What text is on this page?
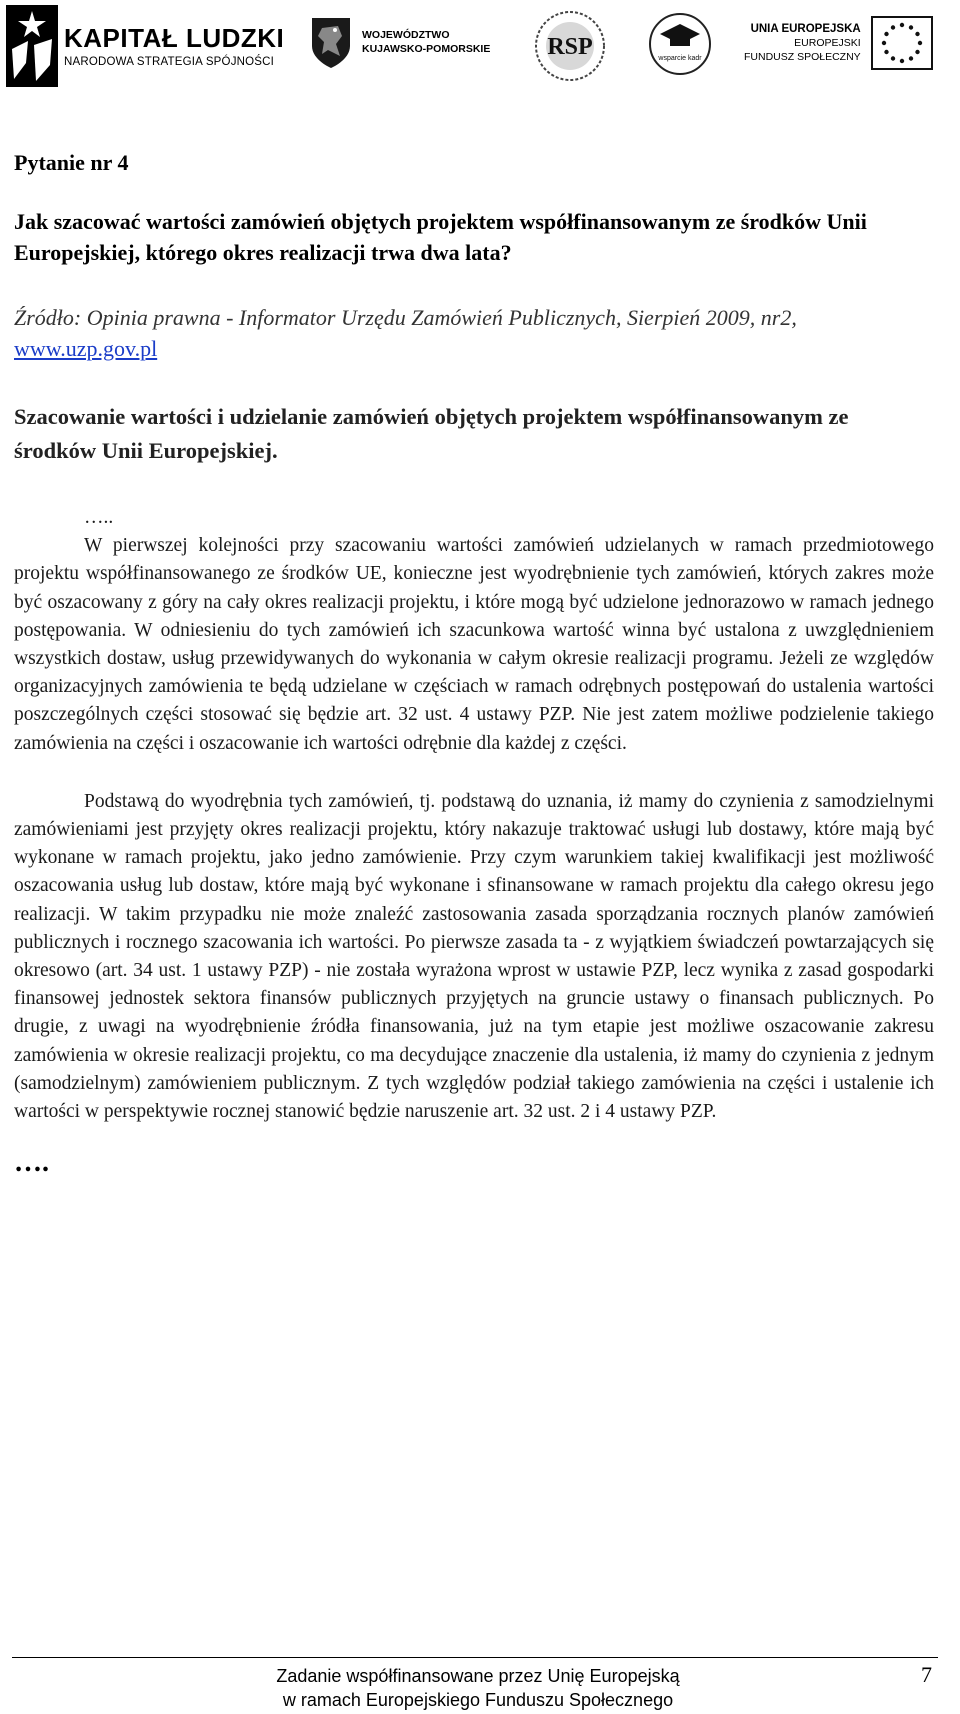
KAPITAŁ LUDZKI
NARODOWA STRATEGIA SPÓJNOŚCI
WOJEWÓDZTWO
KUJAWSKO-POMORSKIE RSP	wsparcie kadr
UNIA EUROPEJSKA
EUROPEJSKI
FUNDUSZ SPOŁECZNY
Pytanie nr 4
Jak szacować wartości zamówień objętych projektem współfinansowanym ze środków Unii Europejskiej, którego okres realizacji trwa dwa lata?
Źródło: Opinia prawna - Informator Urzędu Zamówień Publicznych, Sierpień 2009, nr2,
www.uzp.gov.pl
Szacowanie wartości i udzielanie zamówień objętych projektem współfinansowanym ze środków Unii Europejskiej.
…..
W pierwszej kolejności przy szacowaniu wartości zamówień udzielanych w ramach przedmiotowego projektu współfinansowanego ze środków UE, konieczne jest wyodrębnienie tych zamówień, których zakres może być oszacowany z góry na cały okres realizacji projektu, i które mogą być udzielone jednorazowo w ramach jednego postępowania. W odniesieniu do tych zamówień ich szacunkowa wartość winna być ustalona z uwzględnieniem wszystkich dostaw, usług przewidywanych do wykonania w całym okresie realizacji programu. Jeżeli ze względów organizacyjnych zamówienia te będą udzielane w częściach w ramach odrębnych postępowań do ustalenia wartości poszczególnych części stosować się będzie art. 32 ust. 4 ustawy PZP. Nie jest zatem możliwe podzielenie takiego zamówienia na części i oszacowanie ich wartości odrębnie dla każdej z części.
Podstawą do wyodrębnia tych zamówień, tj. podstawą do uznania, iż mamy do czynienia z samodzielnymi zamówieniami jest przyjęty okres realizacji projektu, który nakazuje traktować usługi lub dostawy, które mają być wykonane w ramach projektu, jako jedno zamówienie. Przy czym warunkiem takiej kwalifikacji jest możliwość oszacowania usług lub dostaw, które mają być wykonane i sfinansowane w ramach projektu dla całego okresu jego realizacji. W takim przypadku nie może znaleźć zastosowania zasada sporządzania rocznych planów zamówień publicznych i rocznego szacowania ich wartości. Po pierwsze zasada ta - z wyjątkiem świadczeń powtarzających się okresowo (art. 34 ust. 1 ustawy PZP) - nie została wyrażona wprost w ustawie PZP, lecz wynika z zasad gospodarki finansowej jednostek sektora finansów publicznych przyjętych na gruncie ustawy o finansach publicznych. Po drugie, z uwagi na wyodrębnienie źródła finansowania, już na tym etapie jest możliwe oszacowanie zakresu zamówienia w okresie realizacji projektu, co ma decydujące znaczenie dla ustalenia, iż mamy do czynienia z jednym (samodzielnym) zamówieniem publicznym. Z tych względów podział takiego zamówienia na części i ustalenie ich wartości w perspektywie rocznej stanowić będzie naruszenie art. 32 ust. 2 i 4 ustawy PZP.
….
Zadanie współfinansowane przez Unię Europejską
w ramach Europejskiego Funduszu Społecznego
7
